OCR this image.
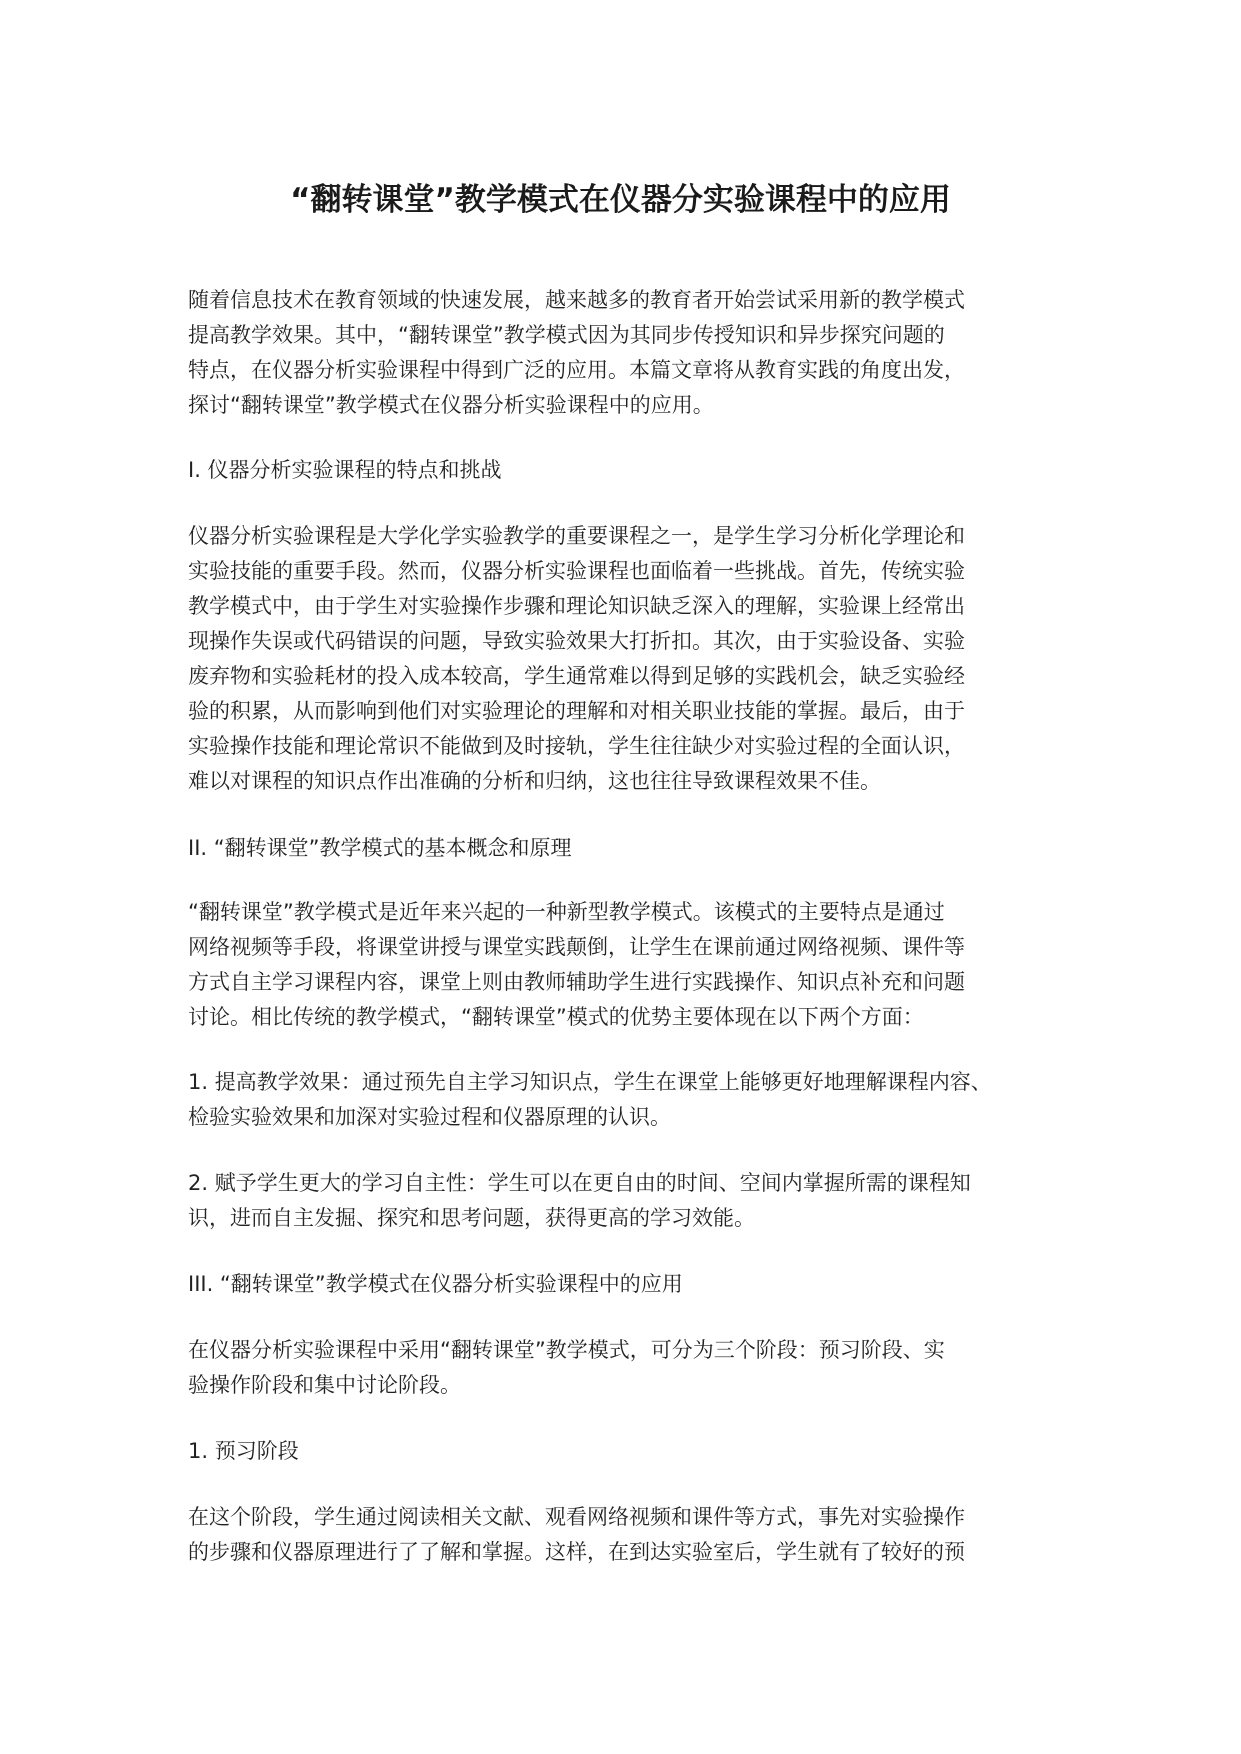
“翻转课堂”教学模式在仪器分实验课程中的应用
随着信息技术在教育领域的快速发展，越来越多的教育者开始尝试采用新的教学模式
提高教学效果。其中，“翻转课堂”教学模式因为其同步传授知识和异步探究问题的
特点，在仪器分析实验课程中得到广泛的应用。本篇文章将从教育实践的角度出发，
探讨“翻转课堂”教学模式在仪器分析实验课程中的应用。
I. 仪器分析实验课程的特点和挑战
仪器分析实验课程是大学化学实验教学的重要课程之一，是学生学习分析化学理论和
实验技能的重要手段。然而，仪器分析实验课程也面临着一些挑战。首先，传统实验
教学模式中，由于学生对实验操作步骤和理论知识缺乏深入的理解，实验课上经常出
现操作失误或代码错误的问题，导致实验效果大打折扣。其次，由于实验设备、实验
废弃物和实验耗材的投入成本较高，学生通常难以得到足够的实践机会，缺乏实验经
验的积累，从而影响到他们对实验理论的理解和对相关职业技能的掌握。最后，由于
实验操作技能和理论常识不能做到及时接轨，学生往往缺少对实验过程的全面认识，
难以对课程的知识点作出准确的分析和归纳，这也往往导致课程效果不佳。
II. “翻转课堂”教学模式的基本概念和原理
“翻转课堂”教学模式是近年来兴起的一种新型教学模式。该模式的主要特点是通过
网络视频等手段，将课堂讲授与课堂实践颠倒，让学生在课前通过网络视频、课件等
方式自主学习课程内容，课堂上则由教师辅助学生进行实践操作、知识点补充和问题
讨论。相比传统的教学模式，“翻转课堂”模式的优势主要体现在以下两个方面：
1. 提高教学效果：通过预先自主学习知识点，学生在课堂上能够更好地理解课程内容、
检验实验效果和加深对实验过程和仪器原理的认识。
2. 赋予学生更大的学习自主性：学生可以在更自由的时间、空间内掌握所需的课程知
识，进而自主发掘、探究和思考问题，获得更高的学习效能。
III. “翻转课堂”教学模式在仪器分析实验课程中的应用
在仪器分析实验课程中采用“翻转课堂”教学模式，可分为三个阶段：预习阶段、实
验操作阶段和集中讨论阶段。
1. 预习阶段
在这个阶段，学生通过阅读相关文献、观看网络视频和课件等方式，事先对实验操作
的步骤和仪器原理进行了了解和掌握。这样，在到达实验室后，学生就有了较好的预
